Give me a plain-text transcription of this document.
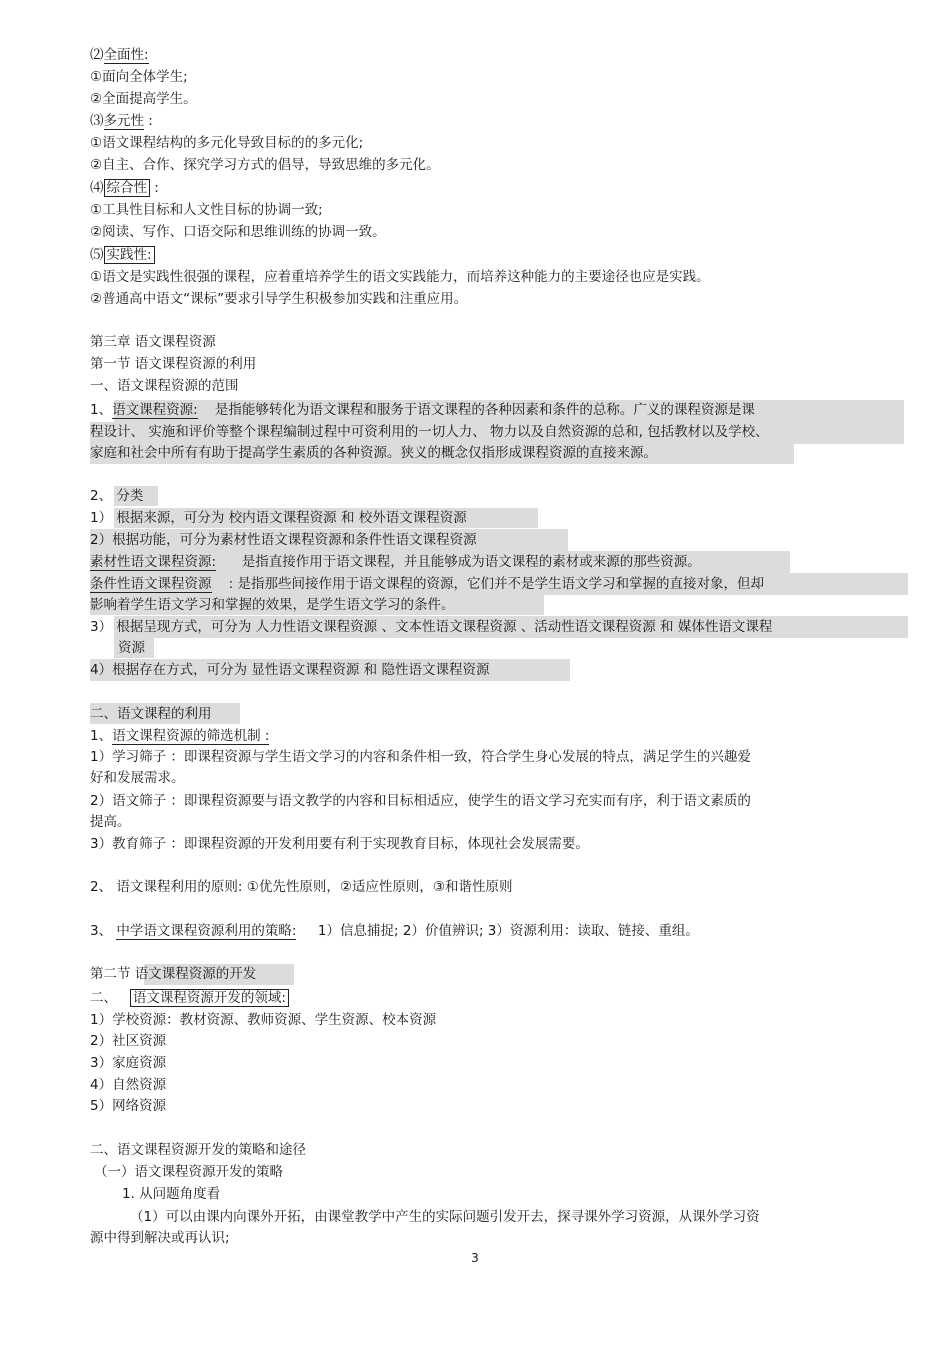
⑵全面性:
①面向全体学生;
②全面提高学生。
⑶多元性 :
①语文课程结构的多元化导致目标的的多元化;
②自主、合作、探究学习方式的倡导，导致思维的多元化。
⑷ 综合性 :
①工具性目标和人文性目标的协调一致;
②阅读、写作、口语交际和思维训练的协调一致。
⑸ 实践性:
①语文是实践性很强的课程，应着重培养学生的语文实践能力，而培养这种能力的主要途径也应是实践。
②普通高中语文“课标”要求引导学生积极参加实践和注重应用。
第三章 语文课程资源
第一节 语文课程资源的利用
一、语文课程资源的范围
1、语文课程资源: 是指能够转化为语文课程和服务于语文课程的各种因素和条件的总称。广义的课程资源是课
程设计、 实施和评价等整个课程编制过程中可资利用的一切人力、 物力以及自然资源的总和, 包括教材以及学校、
家庭和社会中所有有助于提高学生素质的各种资源。狭义的概念仅指形成课程资源的直接来源。
2、 分类
1） 根据来源，可分为 校内语文课程资源 和 校外语文课程资源
2）根据功能，可分为素材性语文课程资源和条件性语文课程资源
素材性语文课程资源: 是指直接作用于语文课程，并且能够成为语文课程的素材或来源的那些资源。
条件性语文课程资源 : 是指那些间接作用于语文课程的资源，它们并不是学生语文学习和掌握的直接对象，但却
影响着学生语文学习和掌握的效果，是学生语文学习的条件。
3） 根据呈现方式，可分为 人力性语文课程资源 、文本性语文课程资源 、活动性语文课程资源 和 媒体性语文课程
资源
4）根据存在方式，可分为 显性语文课程资源 和 隐性语文课程资源
二、语文课程的利用
1、语文课程资源的筛选机制 :
1）学习筛子 ：即课程资源与学生语文学习的内容和条件相一致，符合学生身心发展的特点，满足学生的兴趣爱
好和发展需求。
2）语文筛子 ：即课程资源要与语文教学的内容和目标相适应，使学生的语文学习充实而有序，利于语文素质的
提高。
3）教育筛子 ：即课程资源的开发利用要有利于实现教育目标，体现社会发展需要。
2、 语文课程利用的原则: ①优先性原则，②适应性原则，③和谐性原则
3、 中学语文课程资源利用的策略: 1）信息捕捉; 2）价值辨识; 3）资源利用：读取、链接、重组。
第二节 语文课程资源的开发
二、   语文课程资源开发的领域:
1）学校资源：教材资源、教师资源、学生资源、校本资源
2）社区资源
3）家庭资源
4）自然资源
5）网络资源
二、语文课程资源开发的策略和途径
（一）语文课程资源开发的策略
1. 从问题角度看
（1）可以由课内向课外开拓，由课堂教学中产生的实际问题引发开去，探寻课外学习资源，从课外学习资
源中得到解决或再认识;
3
